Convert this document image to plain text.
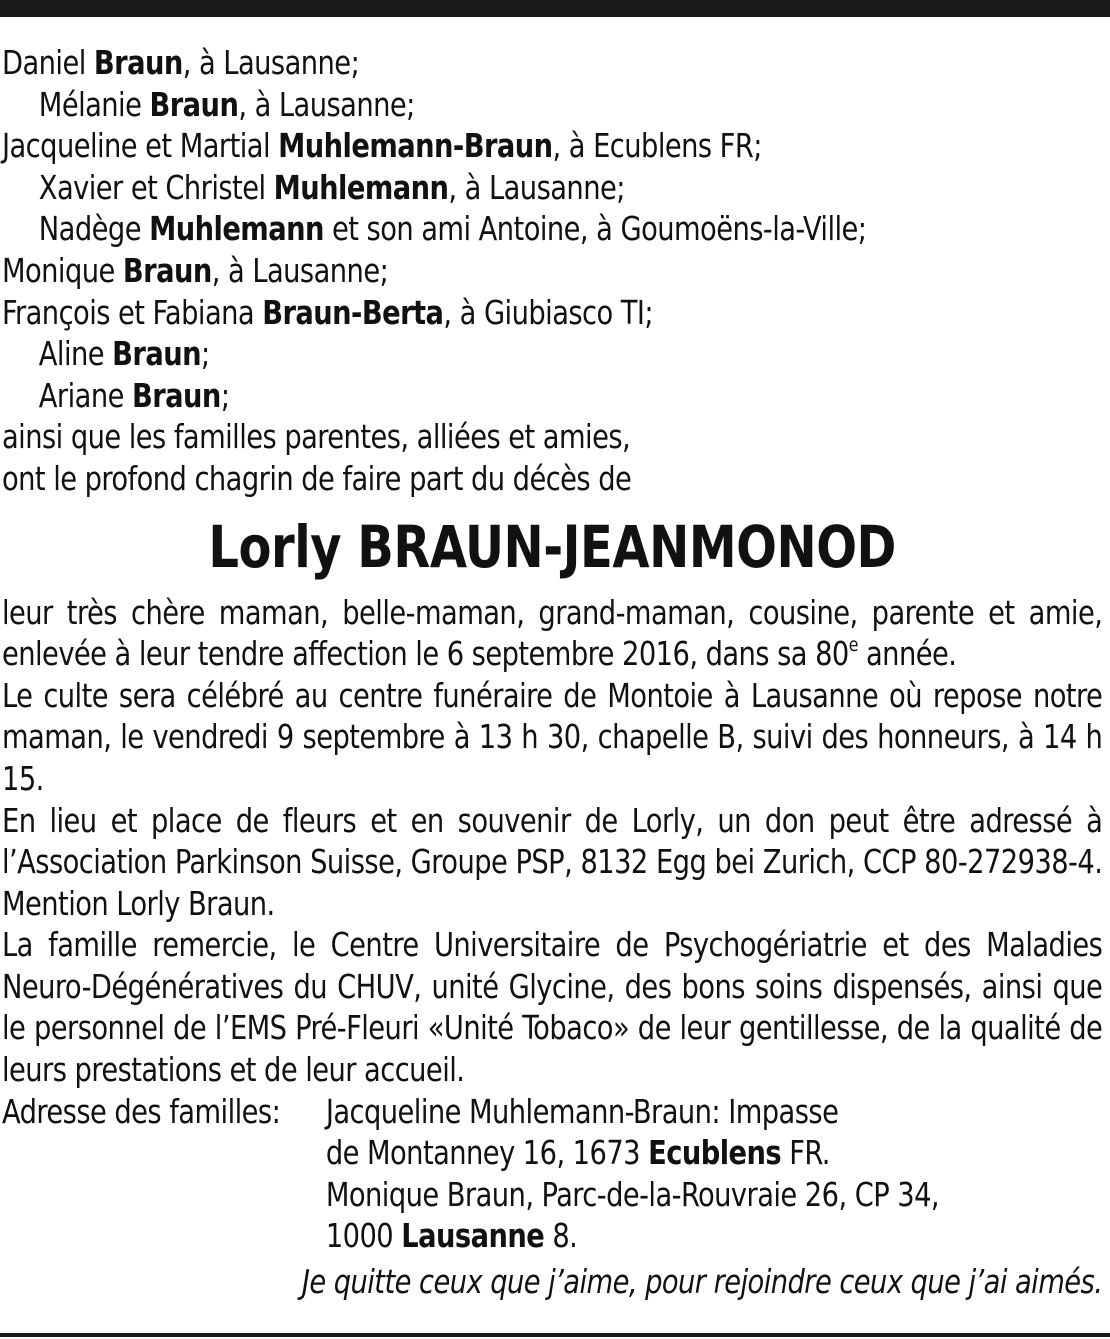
Daniel Braun, à Lausanne;
Mélanie Braun, à Lausanne;
Jacqueline et Martial Muhlemann-Braun, à Ecublens FR;
Xavier et Christel Muhlemann, à Lausanne;
Nadège Muhlemann et son ami Antoine, à Goumoëns-la-Ville;
Monique Braun, à Lausanne;
François et Fabiana Braun-Berta, à Giubiasco TI;
Aline Braun;
Ariane Braun;
ainsi que les familles parentes, alliées et amies,
ont le profond chagrin de faire part du décès de
Lorly BRAUN-JEANMONOD
leur très chère maman, belle-maman, grand-maman, cousine, parente et amie, enlevée à leur tendre affection le 6 septembre 2016, dans sa 80e année.
Le culte sera célébré au centre funéraire de Montoie à Lausanne où repose notre maman, le vendredi 9 septembre à 13 h 30, chapelle B, suivi des honneurs, à 14 h 15.
En lieu et place de fleurs et en souvenir de Lorly, un don peut être adressé à l’Association Parkinson Suisse, Groupe PSP, 8132 Egg bei Zurich, CCP 80-272938-4. Mention Lorly Braun.
La famille remercie, le Centre Universitaire de Psychogériatrie et des Maladies Neuro-Dégénératives du CHUV, unité Glycine, des bons soins dispensés, ainsi que le personnel de l’EMS Pré-Fleuri «Unité Tobaco» de leur gentillesse, de la qualité de leurs prestations et de leur accueil.
Adresse des familles:	Jacqueline Muhlemann-Braun: Impasse
de Montanney 16, 1673 Ecublens FR.
Monique Braun, Parc-de-la-Rouvraie 26, CP 34,
1000 Lausanne 8.
Je quitte ceux que j’aime, pour rejoindre ceux que j’ai aimés.
